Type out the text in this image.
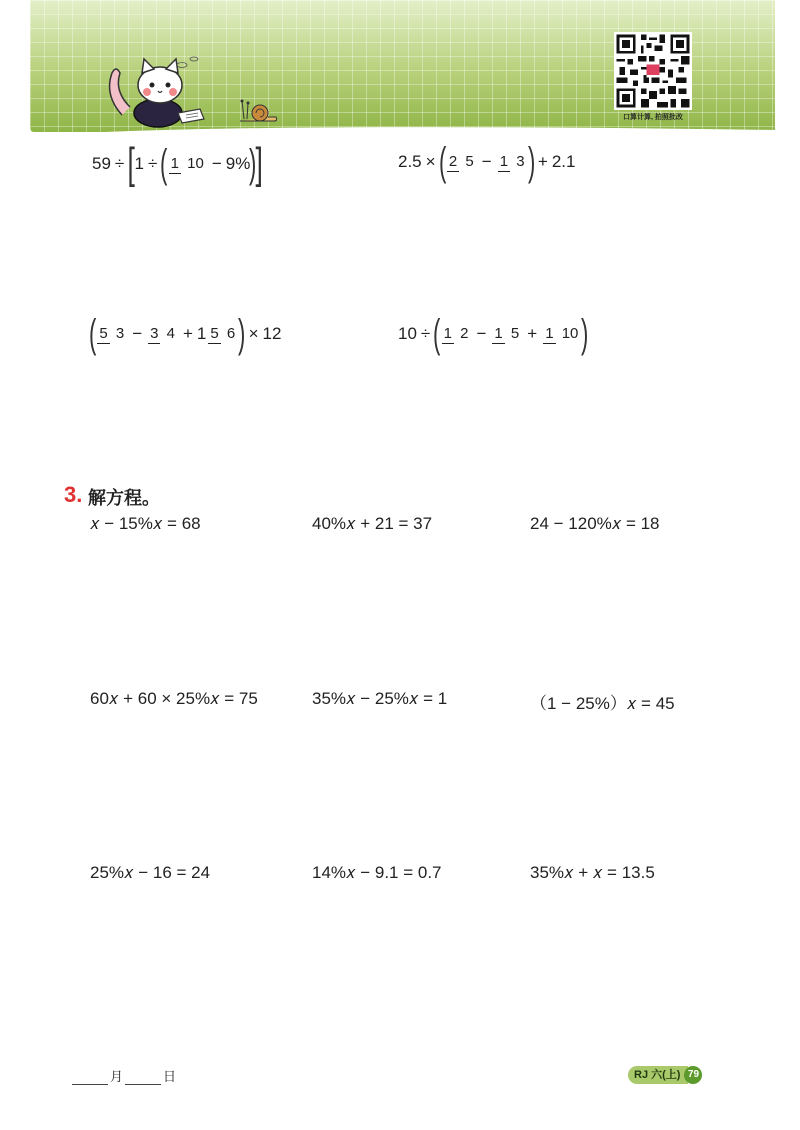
口算计算, 拍照批改
59 ÷ [ 1 ÷ ( 1 10 − 9%
)
]	2.5 × ( 2 5 − 1 3 ) + 2.1
( 5 3 − 3 4 + 1 5 6 ) × 12	10 ÷ ( 1 2 − 1 5 + 1 10 )
3. 解方程。
𝑥 − 15%𝑥 = 68	40%𝑥 + 21 = 37	24 − 120%𝑥 = 18
60𝑥 + 60 × 25%𝑥 = 75	35%𝑥 − 25%𝑥 = 1	（1 − 25%）𝑥 = 45
25%𝑥 − 16 = 24	14%𝑥 − 9.1 = 0.7	35%𝑥 + 𝑥 = 13.5
月	日	RJ 六(上) 79
